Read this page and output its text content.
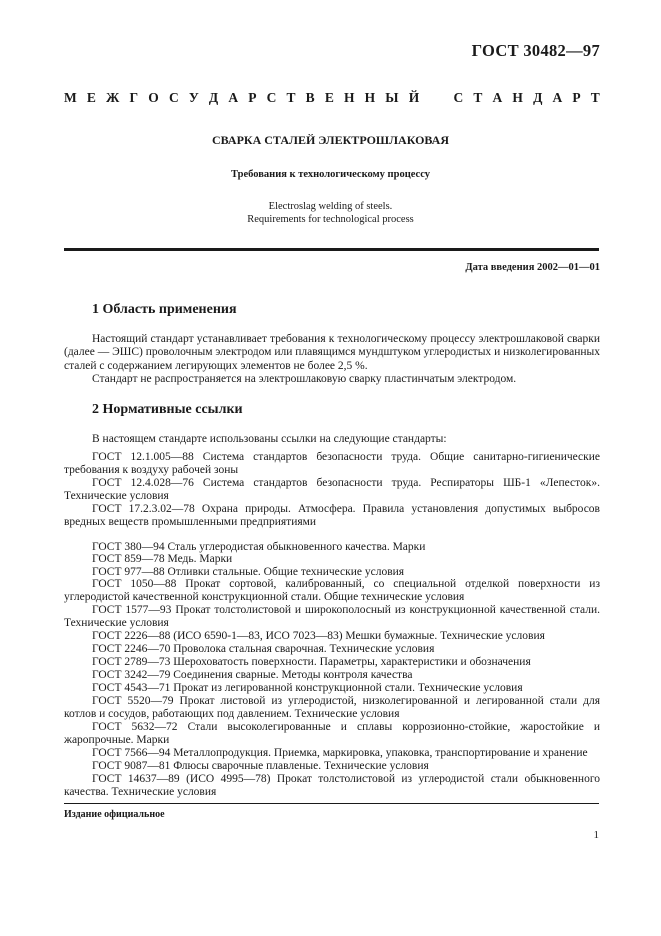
ГОСТ 30482—97
М Е Ж Г О С У Д А Р С Т В Е Н Н Ы Й	С Т А Н Д А Р Т
СВАРКА СТАЛЕЙ ЭЛЕКТРОШЛАКОВАЯ
Требования к технологическому процессу
Electroslag welding of steels.
Requirements for technological process
Дата введения 2002—01—01
1 Область применения

Настоящий стандарт устанавливает требования к технологическому процессу электрошлаковой сварки (далее — ЭШС) проволочным электродом или плавящимся мундштуком углеродистых и низколегированных сталей с содержанием легирующих элементов не более 2,5 %.

Стандарт не распространяется на электрошлаковую сварку пластинчатым электродом.

2 Нормативные ссылки

В настоящем стандарте использованы ссылки на следующие стандарты:

ГОСТ 12.1.005—88 Система стандартов безопасности труда. Общие санитарно-гигиенические требования к воздуху рабочей зоны

ГОСТ 12.4.028—76 Система стандартов безопасности труда. Респираторы ШБ-1 «Лепесток». Технические условия

ГОСТ 17.2.3.02—78 Охрана природы. Атмосфера. Правила установления допустимых выбросов вредных веществ промышленными предприятиями

ГОСТ 380—94 Сталь углеродистая обыкновенного качества. Марки

ГОСТ 859—78 Медь. Марки

ГОСТ 977—88 Отливки стальные. Общие технические условия

ГОСТ 1050—88 Прокат сортовой, калиброванный, со специальной отделкой поверхности из углеродистой качественной конструкционной стали. Общие технические условия

ГОСТ 1577—93 Прокат толстолистовой и широкополосный из конструкционной качественной стали. Технические условия

ГОСТ 2226—88 (ИСО 6590-1—83, ИСО 7023—83) Мешки бумажные. Технические условия

ГОСТ 2246—70 Проволока стальная сварочная. Технические условия

ГОСТ 2789—73 Шероховатость поверхности. Параметры, характеристики и обозначения

ГОСТ 3242—79 Соединения сварные. Методы контроля качества

ГОСТ 4543—71 Прокат из легированной конструкционной стали. Технические условия

ГОСТ 5520—79 Прокат листовой из углеродистой, низколегированной и легированной стали для котлов и сосудов, работающих под давлением. Технические условия

ГОСТ 5632—72 Стали высоколегированные и сплавы коррозионно-стойкие, жаростойкие и жаропрочные. Марки

ГОСТ 7566—94 Металлопродукция. Приемка, маркировка, упаковка, транспортирование и хранение

ГОСТ 9087—81 Флюсы сварочные плавленые. Технические условия

ГОСТ 14637—89 (ИСО 4995—78) Прокат толстолистовой из углеродистой стали обыкновенного качества. Технические условия

Издание официальное
1
